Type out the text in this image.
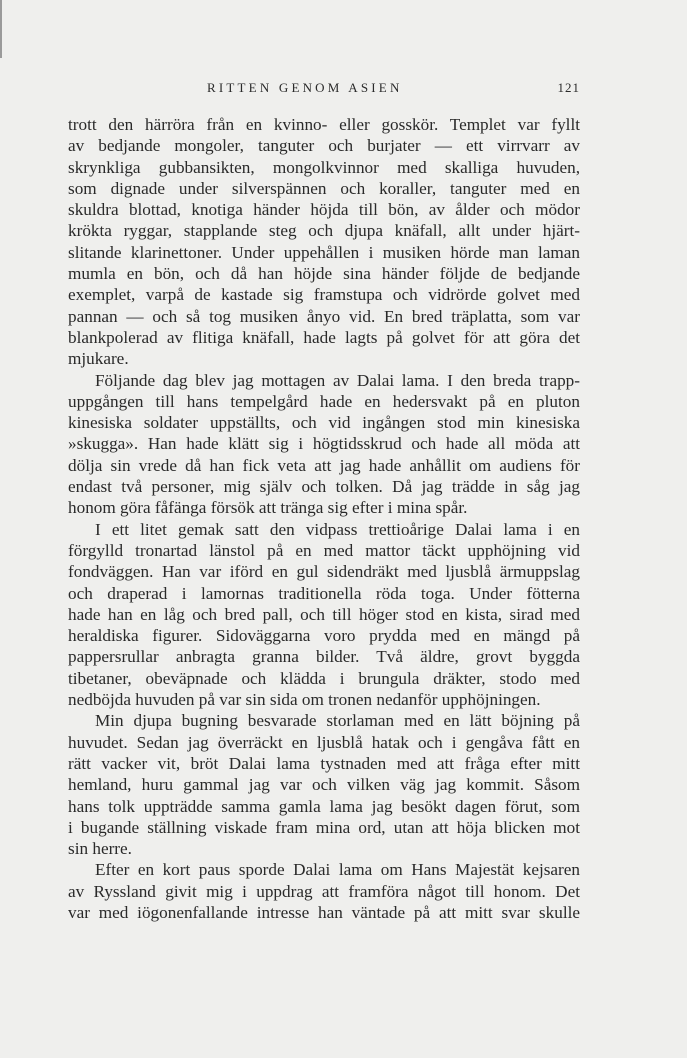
RITTEN GENOM ASIEN	121
trott den härröra från en kvinno- eller gosskör. Templet var fyllt
av bedjande mongoler, tanguter och burjater — ett virrvarr av
skrynkliga gubbansikten, mongolkvinnor med skalliga huvuden,
som dignade under silverspännen och koraller, tanguter med en
skuldra blottad, knotiga händer höjda till bön, av ålder och mödor
krökta ryggar, stapplande steg och djupa knäfall, allt under hjärt-
slitande klarinettoner. Under uppehållen i musiken hörde man laman
mumla en bön, och då han höjde sina händer följde de bedjande
exemplet, varpå de kastade sig framstupa och vidrörde golvet med
pannan — och så tog musiken ånyo vid. En bred träplatta, som var
blankpolerad av flitiga knäfall, hade lagts på golvet för att göra det
mjukare.
Följande dag blev jag mottagen av Dalai lama. I den breda trapp-
uppgången till hans tempelgård hade en hedersvakt på en pluton
kinesiska soldater uppställts, och vid ingången stod min kinesiska
»skugga». Han hade klätt sig i högtidsskrud och hade all möda att
dölja sin vrede då han fick veta att jag hade anhållit om audiens för
endast två personer, mig själv och tolken. Då jag trädde in såg jag
honom göra fåfänga försök att tränga sig efter i mina spår.
I ett litet gemak satt den vidpass trettioårige Dalai lama i en
förgylld tronartad länstol på en med mattor täckt upphöjning vid
fondväggen. Han var iförd en gul sidendräkt med ljusblå ärmuppslag
och draperad i lamornas traditionella röda toga. Under fötterna
hade han en låg och bred pall, och till höger stod en kista, sirad med
heraldiska figurer. Sidoväggarna voro prydda med en mängd på
pappersrullar anbragta granna bilder. Två äldre, grovt byggda
tibetaner, obeväpnade och klädda i brungula dräkter, stodo med
nedböjda huvuden på var sin sida om tronen nedanför upphöjningen.
Min djupa bugning besvarade storlaman med en lätt böjning på
huvudet. Sedan jag överräckt en ljusblå hatak och i gengåva fått en
rätt vacker vit, bröt Dalai lama tystnaden med att fråga efter mitt
hemland, huru gammal jag var och vilken väg jag kommit. Såsom
hans tolk uppträdde samma gamla lama jag besökt dagen förut, som
i bugande ställning viskade fram mina ord, utan att höja blicken mot
sin herre.
Efter en kort paus sporde Dalai lama om Hans Majestät kejsaren
av Ryssland givit mig i uppdrag att framföra något till honom. Det
var med iögonenfallande intresse han väntade på att mitt svar skulle
